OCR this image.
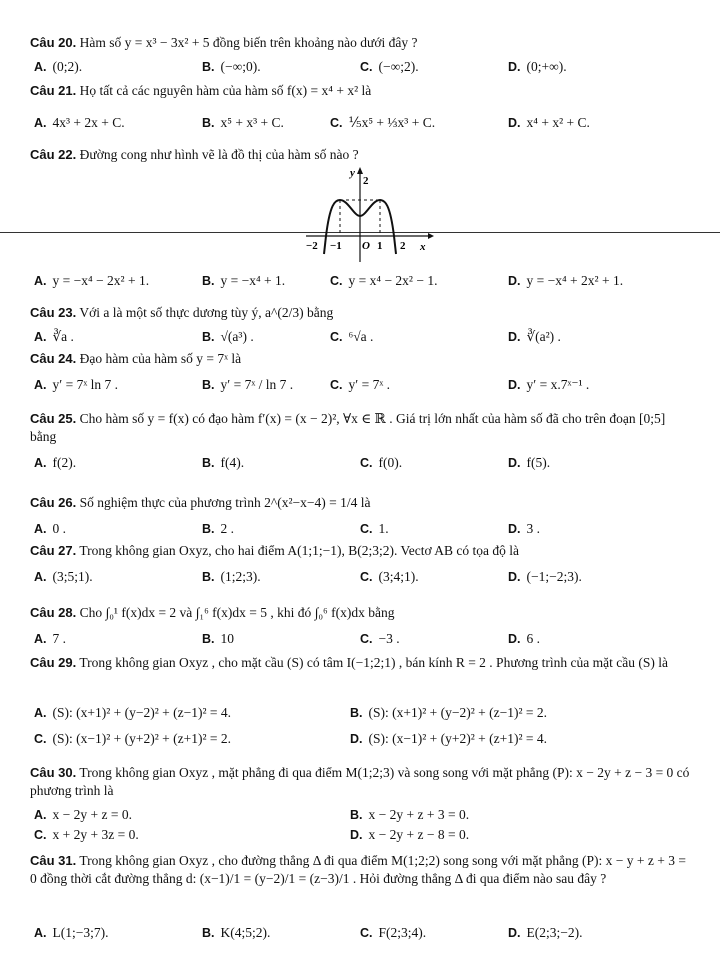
Câu 20. Hàm số y = x³ − 3x² + 5 đồng biến trên khoảng nào dưới đây ?
A. (0;2).	B. (−∞;0).	C. (−∞;2).	D. (0;+∞).
Câu 21. Họ tất cả các nguyên hàm của hàm số f(x) = x⁴ + x² là
A. 4x³ + 2x + C.	B. x⁵ + x³ + C.	C. ⅕x⁵ + ⅓x³ + C.	D. x⁴ + x² + C.
Câu 22. Đường cong như hình vẽ là đồ thị của hàm số nào ?
y
x
2
O
−2 −1	1 2
A. y = −x⁴ − 2x² + 1.	B. y = −x⁴ + 1.	C. y = x⁴ − 2x² − 1.	D. y = −x⁴ + 2x² + 1.
Câu 23. Với a là một số thực dương tùy ý, a^(2/3) bằng
A. ∛a .	B. √(a³) .	C. ⁶√a .	D. ∛(a²) .
Câu 24. Đạo hàm của hàm số y = 7ˣ là
A. y′ = 7ˣ ln 7 .	B. y′ = 7ˣ / ln 7 .	C. y′ = 7ˣ .	D. y′ = x.7ˣ⁻¹ .
Câu 25. Cho hàm số y = f(x) có đạo hàm f′(x) = (x − 2)², ∀x ∈ ℝ . Giá trị lớn nhất của hàm số đã cho trên đoạn [0;5] bằng
A. f(2).	B. f(4).	C. f(0).	D. f(5).
Câu 26. Số nghiệm thực của phương trình 2^(x²−x−4) = 1/4 là
A. 0 .	B. 2 .	C. 1.	D. 3 .
Câu 27. Trong không gian Oxyz, cho hai điểm A(1;1;−1), B(2;3;2). Vectơ AB có tọa độ là
A. (3;5;1).	B. (1;2;3).	C. (3;4;1).	D. (−1;−2;3).
Câu 28. Cho ∫₀¹ f(x)dx = 2 và ∫₁⁶ f(x)dx = 5 , khi đó ∫₀⁶ f(x)dx bằng
A. 7 .	B. 10	C. −3 .	D. 6 .
Câu 29. Trong không gian Oxyz , cho mặt cầu (S) có tâm I(−1;2;1) , bán kính R = 2 . Phương trình của mặt cầu (S) là
A. (S): (x+1)² + (y−2)² + (z−1)² = 4.	B. (S): (x+1)² + (y−2)² + (z−1)² = 2.
C. (S): (x−1)² + (y+2)² + (z+1)² = 2.	D. (S): (x−1)² + (y+2)² + (z+1)² = 4.
Câu 30. Trong không gian Oxyz , mặt phẳng đi qua điểm M(1;2;3) và song song với mặt phẳng (P): x − 2y + z − 3 = 0 có phương trình là
A. x − 2y + z = 0.	B. x − 2y + z + 3 = 0.
C. x + 2y + 3z = 0.	D. x − 2y + z − 8 = 0.
Câu 31. Trong không gian Oxyz , cho đường thẳng Δ đi qua điểm M(1;2;2) song song với mặt phẳng (P): x − y + z + 3 = 0 đồng thời cắt đường thẳng d: (x−1)/1 = (y−2)/1 = (z−3)/1 . Hỏi đường thẳng Δ đi qua điểm nào sau đây ?
A. L(1;−3;7).	B. K(4;5;2).	C. F(2;3;4).	D. E(2;3;−2).
